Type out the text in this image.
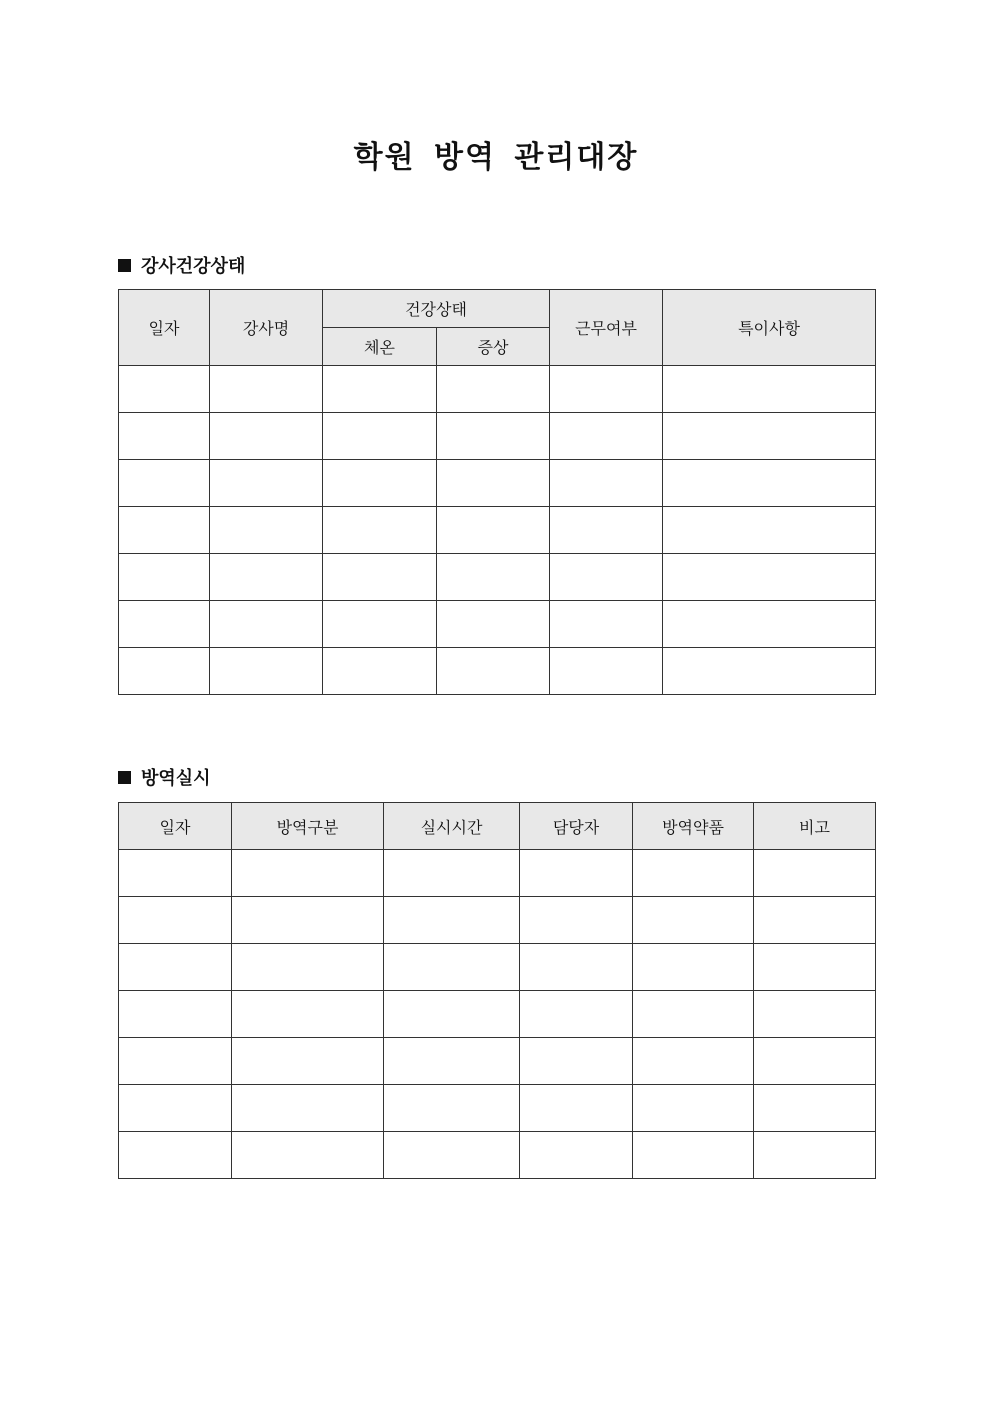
학원 방역 관리대장
강사건강상태
일자	강사명	건강상태		근무여부	특이사항
		체온	증상		

방역실시
일자	방역구분	실시시간	담당자	방역약품	비고
